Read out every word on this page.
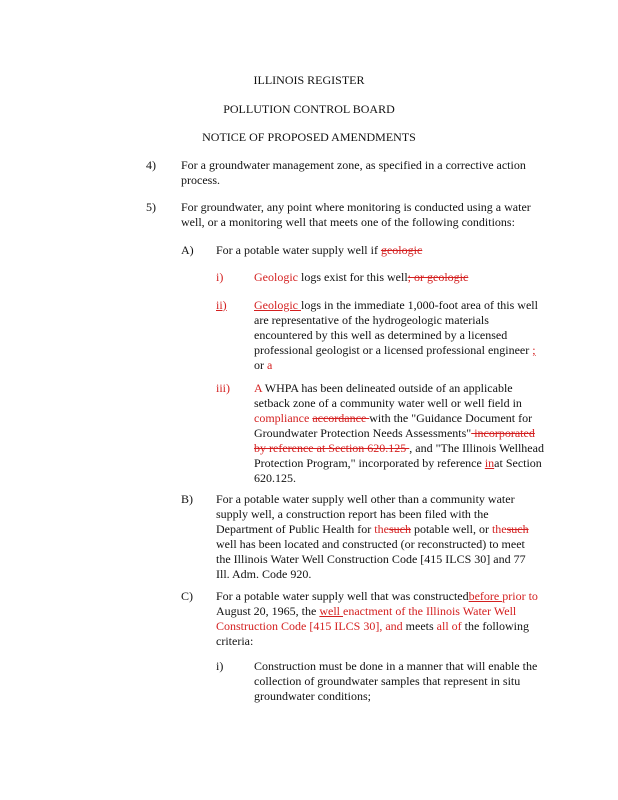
ILLINOIS REGISTER
POLLUTION CONTROL BOARD
NOTICE OF PROPOSED AMENDMENTS
4) For a groundwater management zone, as specified in a corrective action process.
5) For groundwater, any point where monitoring is conducted using a water well, or a monitoring well that meets one of the following conditions:
A) For a potable water supply well if geologic
i)	Geologic logs exist for this well; or geologic
ii) Geologic logs in the immediate 1,000-foot area of this well are representative of the hydrogeologic materials encountered by this well as determined by a licensed professional geologist or a licensed professional engineer ; or a
iii) A WHPA has been delineated outside of an applicable setback zone of a community water well or well field in compliance accordance with the "Guidance Document for Groundwater Protection Needs Assessments" incorporated by reference at Section 620.125 , and "The Illinois Wellhead Protection Program," incorporated by reference inat Section 620.125.
B) For a potable water supply well other than a community water supply well, a construction report has been filed with the Department of Public Health for thesuch potable well, or thesuch well has been located and constructed (or reconstructed) to meet the Illinois Water Well Construction Code [415 ILCS 30] and 77 Ill. Adm. Code 920.
C) For a potable water supply well that was constructedbefore prior to August 20, 1965, the well enactment of the Illinois Water Well Construction Code [415 ILCS 30], and meets all of the following criteria:
i)	Construction must be done in a manner that will enable the collection of groundwater samples that represent in situ groundwater conditions;
